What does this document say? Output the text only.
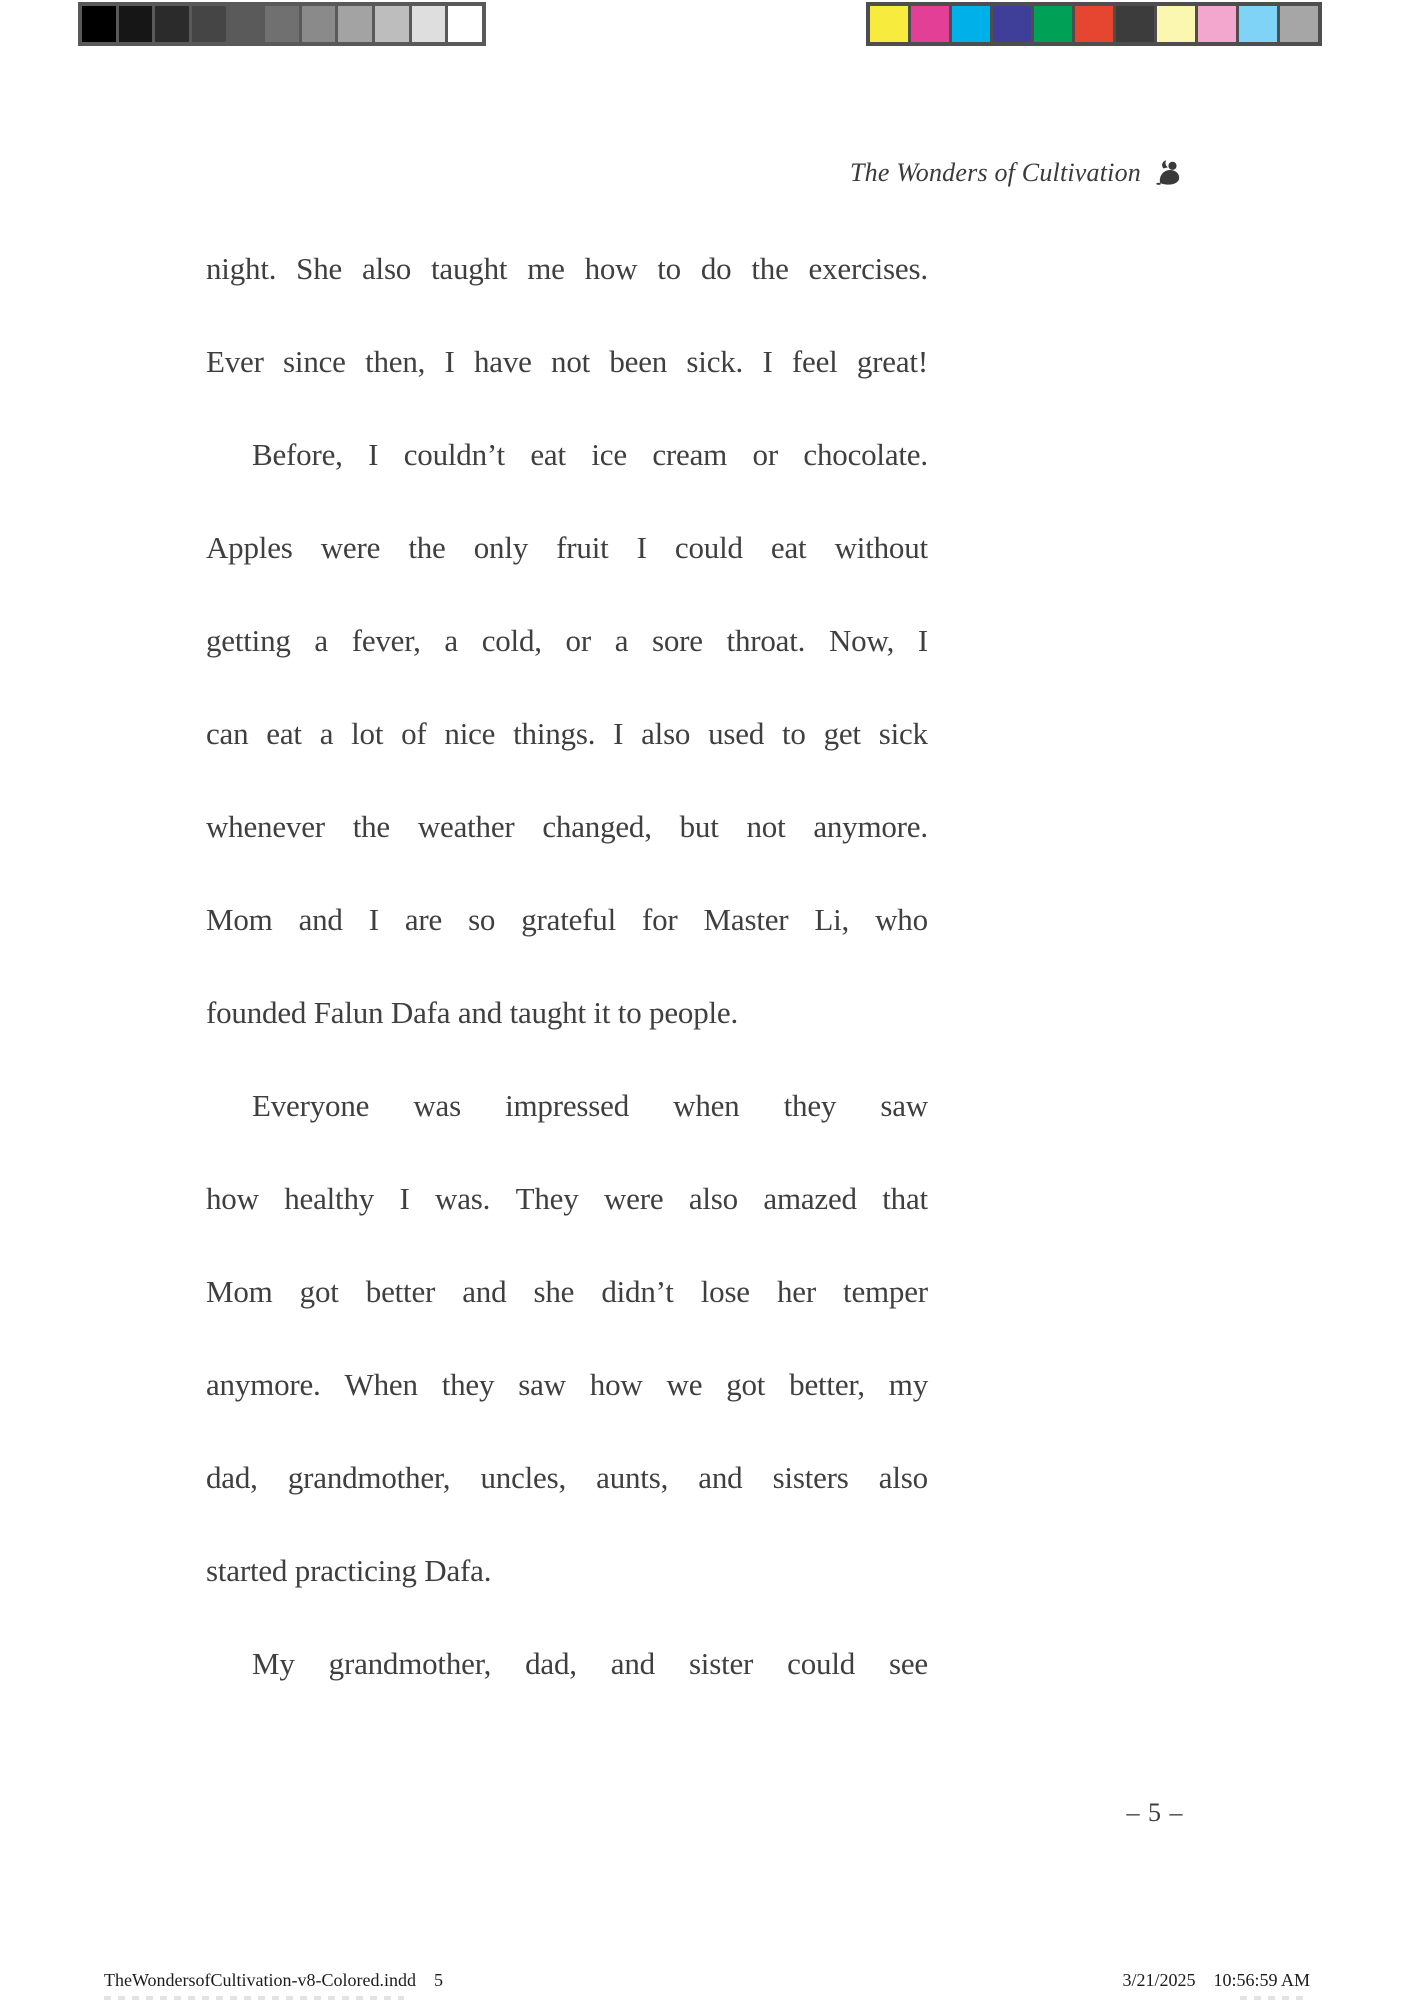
The Wonders of Cultivation
night. She also taught me how to do the exercises.
Ever since then, I have not been sick. I feel great!
Before, I couldn’t eat ice cream or chocolate.
Apples were the only fruit I could eat without
getting a fever, a cold, or a sore throat. Now, I
can eat a lot of nice things. I also used to get sick
whenever the weather changed, but not anymore.
Mom and I are so grateful for Master Li, who
founded Falun Dafa and taught it to people.
Everyone was impressed when they saw
how healthy I was. They were also amazed that
Mom got better and she didn’t lose her temper
anymore. When they saw how we got better, my
dad, grandmother, uncles, aunts, and sisters also
started practicing Dafa.
My grandmother, dad, and sister could see
– 5 –
TheWondersofCultivation-v8-Colored.indd 5	3/21/2025 10:56:59 AM
